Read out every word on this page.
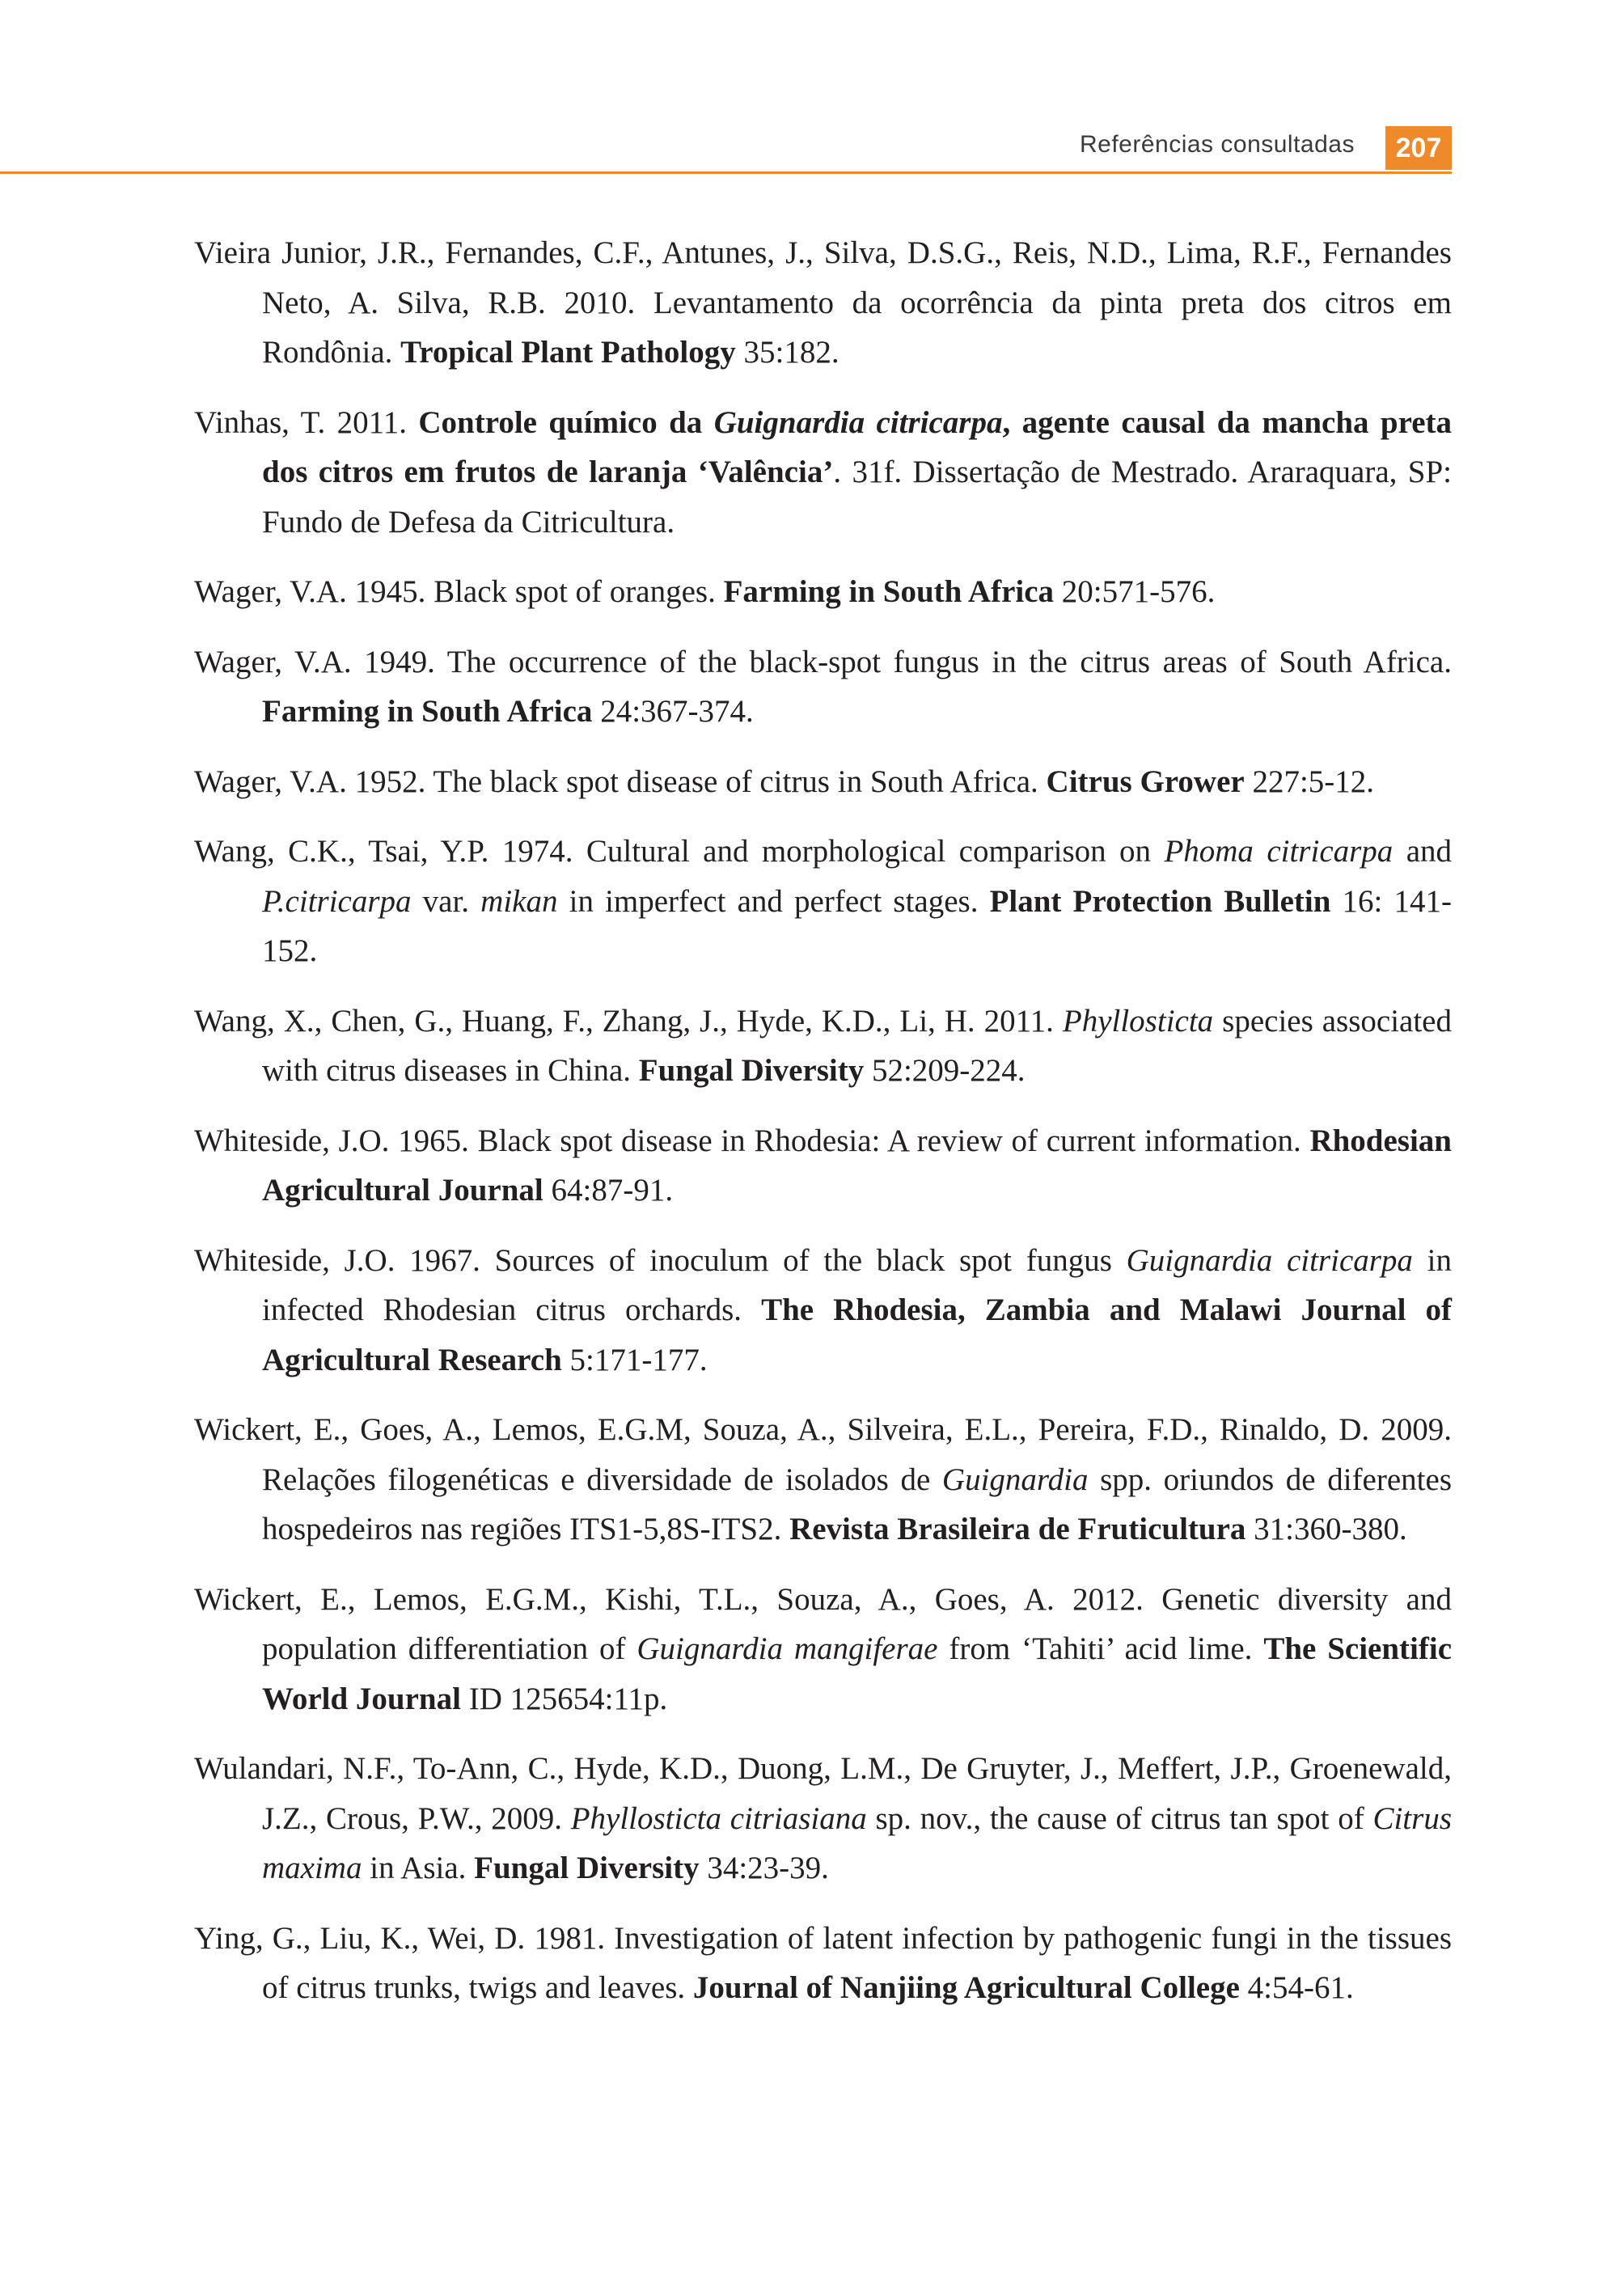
Referências consultadas	207

Vieira Junior, J.R., Fernandes, C.F., Antunes, J., Silva, D.S.G., Reis, N.D., Lima, R.F., Fernandes Neto, A. Silva, R.B. 2010. Levantamento da ocorrência da pinta preta dos citros em Rondônia. Tropical Plant Pathology 35:182.

Vinhas, T. 2011. Controle químico da Guignardia citricarpa, agente causal da mancha preta dos citros em frutos de laranja ‘Valência’. 31f. Dissertação de Mestrado. Araraquara, SP: Fundo de Defesa da Citricultura.

Wager, V.A. 1945. Black spot of oranges. Farming in South Africa 20:571-576.

Wager, V.A. 1949. The occurrence of the black-spot fungus in the citrus areas of South Africa. Farming in South Africa 24:367-374.

Wager, V.A. 1952. The black spot disease of citrus in South Africa. Citrus Grower 227:5-12.

Wang, C.K., Tsai, Y.P. 1974. Cultural and morphological comparison on Phoma citricarpa and P.citricarpa var. mikan in imperfect and perfect stages. Plant Protection Bulletin 16: 141-152.

Wang, X., Chen, G., Huang, F., Zhang, J., Hyde, K.D., Li, H. 2011. Phyllosticta species associated with citrus diseases in China. Fungal Diversity 52:209-224.

Whiteside, J.O. 1965. Black spot disease in Rhodesia: A review of current information. Rhodesian Agricultural Journal 64:87-91.

Whiteside, J.O. 1967. Sources of inoculum of the black spot fungus Guignardia citricarpa in infected Rhodesian citrus orchards. The Rhodesia, Zambia and Malawi Journal of Agricultural Research 5:171-177.

Wickert, E., Goes, A., Lemos, E.G.M, Souza, A., Silveira, E.L., Pereira, F.D., Rinaldo, D. 2009. Relações filogenéticas e diversidade de isolados de Guignardia spp. oriundos de diferentes hospedeiros nas regiões ITS1-5,8S-ITS2. Revista Brasileira de Fruticultura 31:360-380.

Wickert, E., Lemos, E.G.M., Kishi, T.L., Souza, A., Goes, A. 2012. Genetic diversity and population differentiation of Guignardia mangiferae from ‘Tahiti’ acid lime. The Scientific World Journal ID 125654:11p.

Wulandari, N.F., To-Ann, C., Hyde, K.D., Duong, L.M., De Gruyter, J., Meffert, J.P., Groenewald, J.Z., Crous, P.W., 2009. Phyllosticta citriasiana sp. nov., the cause of citrus tan spot of Citrus maxima in Asia. Fungal Diversity 34:23-39.

Ying, G., Liu, K., Wei, D. 1981. Investigation of latent infection by pathogenic fungi in the tissues of citrus trunks, twigs and leaves. Journal of Nanjiing Agricultural College 4:54-61.
